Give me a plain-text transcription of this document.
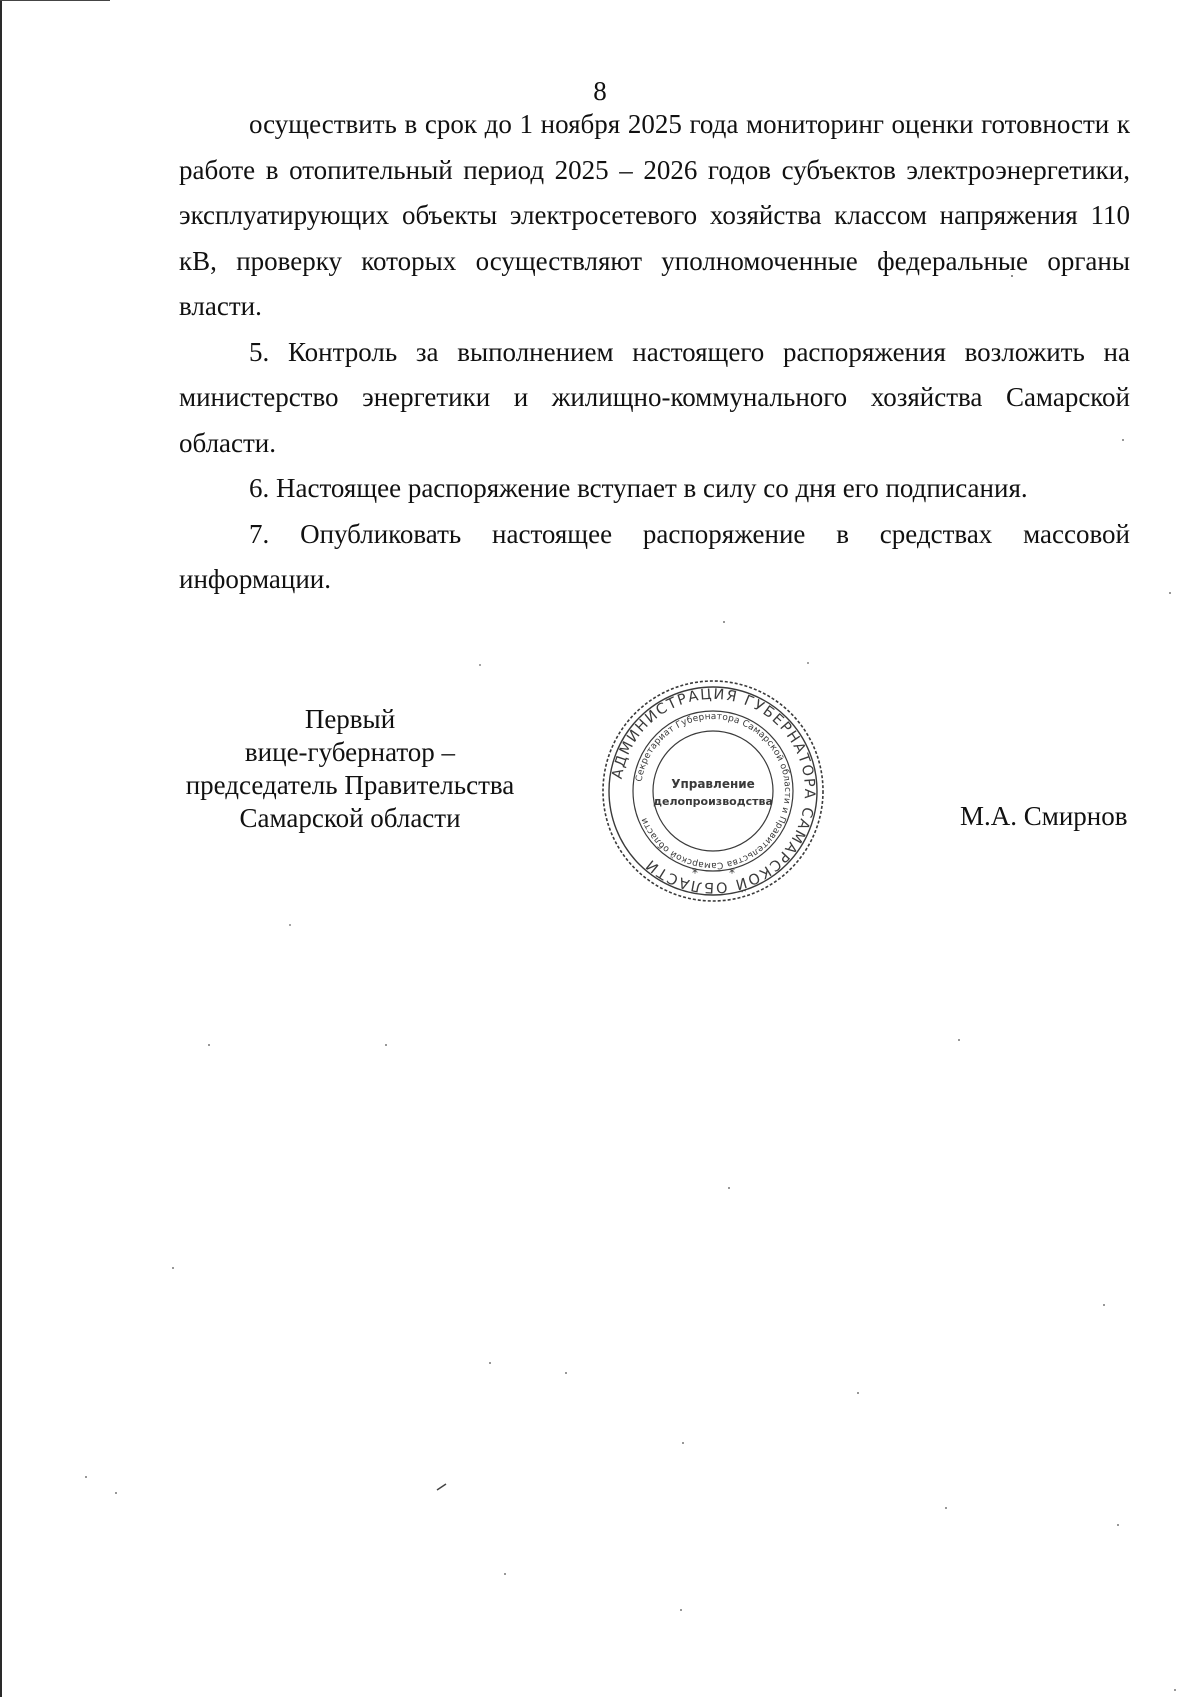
8

осуществить в срок до 1 ноября 2025 года мониторинг оценки готовности к работе в отопительный период 2025 – 2026 годов субъектов электроэнергетики, эксплуатирующих объекты электросетевого хозяйства классом напряжения 110 кВ, проверку которых осуществляют уполномоченные федеральные органы власти.

5. Контроль за выполнением настоящего распоряжения возложить на министерство энергетики и жилищно-коммунального хозяйства Самарской области.

6. Настоящее распоряжение вступает в силу со дня его подписания.

7. Опубликовать настоящее распоряжение в средствах массовой информации.

Первый
вице-губернатор –
председатель Правительства
Самарской области
АДМИНИСТРАЦИЯ ГУБЕРНАТОРА САМАРСКОЙ ОБЛАСТИ
Секретариат Губернатора Самарской области и Правительства Самарской области
Управление
делопроизводства
*	*
М.А. Смирнов
